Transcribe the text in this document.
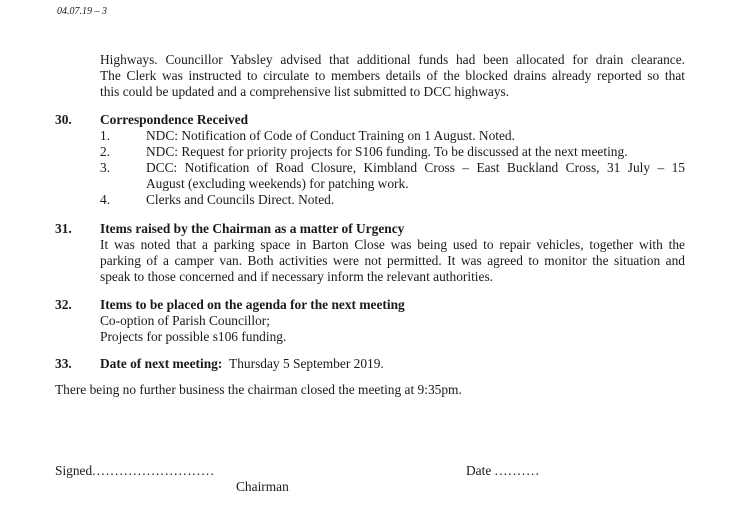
04.07.19 – 3
Highways. Councillor Yabsley advised that additional funds had been allocated for drain clearance.
The Clerk was instructed to circulate to members details of the blocked drains already reported so that
this could be updated and a comprehensive list submitted to DCC highways.
30. Correspondence Received
1.	NDC: Notification of Code of Conduct Training on 1 August. Noted.
2.	NDC: Request for priority projects for S106 funding. To be discussed at the next meeting.
3.	DCC: Notification of Road Closure, Kimbland Cross – East Buckland Cross, 31 July – 15
August (excluding weekends) for patching work.
4.	Clerks and Councils Direct. Noted.
31. Items raised by the Chairman as a matter of Urgency
It was noted that a parking space in Barton Close was being used to repair vehicles, together with the
parking of a camper van. Both activities were not permitted. It was agreed to monitor the situation and
speak to those concerned and if necessary inform the relevant authorities.
32. Items to be placed on the agenda for the next meeting
Co-option of Parish Councillor;
Projects for possible s106 funding.
33. Date of next meeting: Thursday 5 September 2019.
There being no further business the chairman closed the meeting at 9:35pm.
Signed...........................
Chairman
Date ..........
